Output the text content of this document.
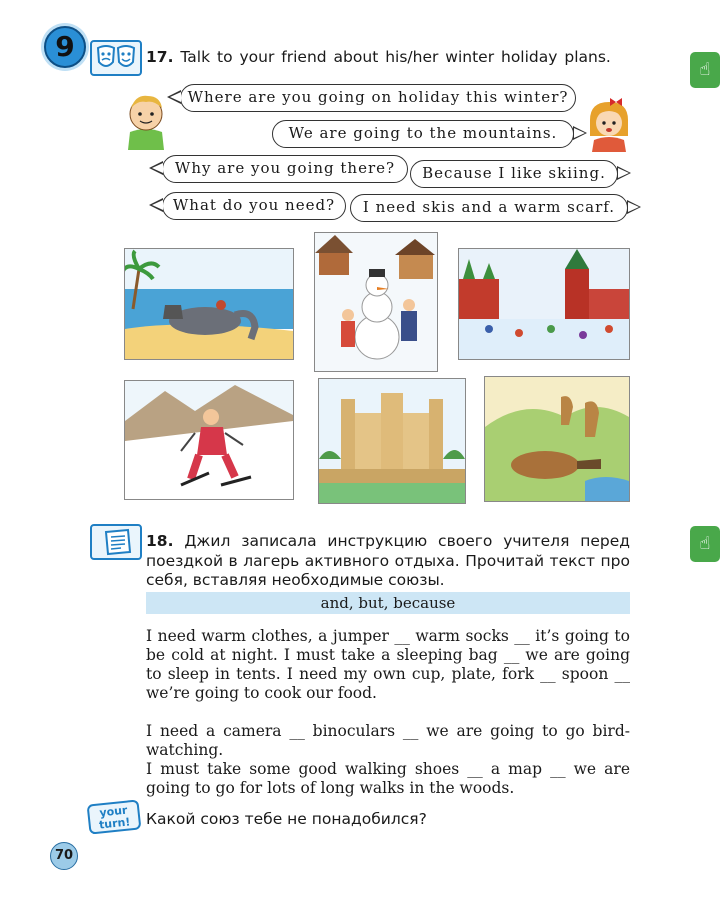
9	17. Talk to your friend about his/her winter holiday plans.
☝
Where are you going on holiday this winter?
We are going to the mountains.
Why are you going there?	Because I like skiing.
What do you need?	I need skis and a warm scarf.
18. Джил записала инструкцию своего учителя перед поездкой в лагерь активного отдыха. Прочитай текст про себя, вставляя необходимые союзы.
☝
and, but, because
I need warm clothes, a jumper __ warm socks __ it’s going to be cold at night. I must take a sleeping bag __ we are going to sleep in tents. I need my own cup, plate, fork __ spoon __ we’re going to cook our food.
I need a camera __ binoculars __ we are going to go bird-watching.
I must take some good walking shoes __ a map __ we are going to go for lots of long walks in the woods.
your turn! Какой союз тебе не понадобился?
70
